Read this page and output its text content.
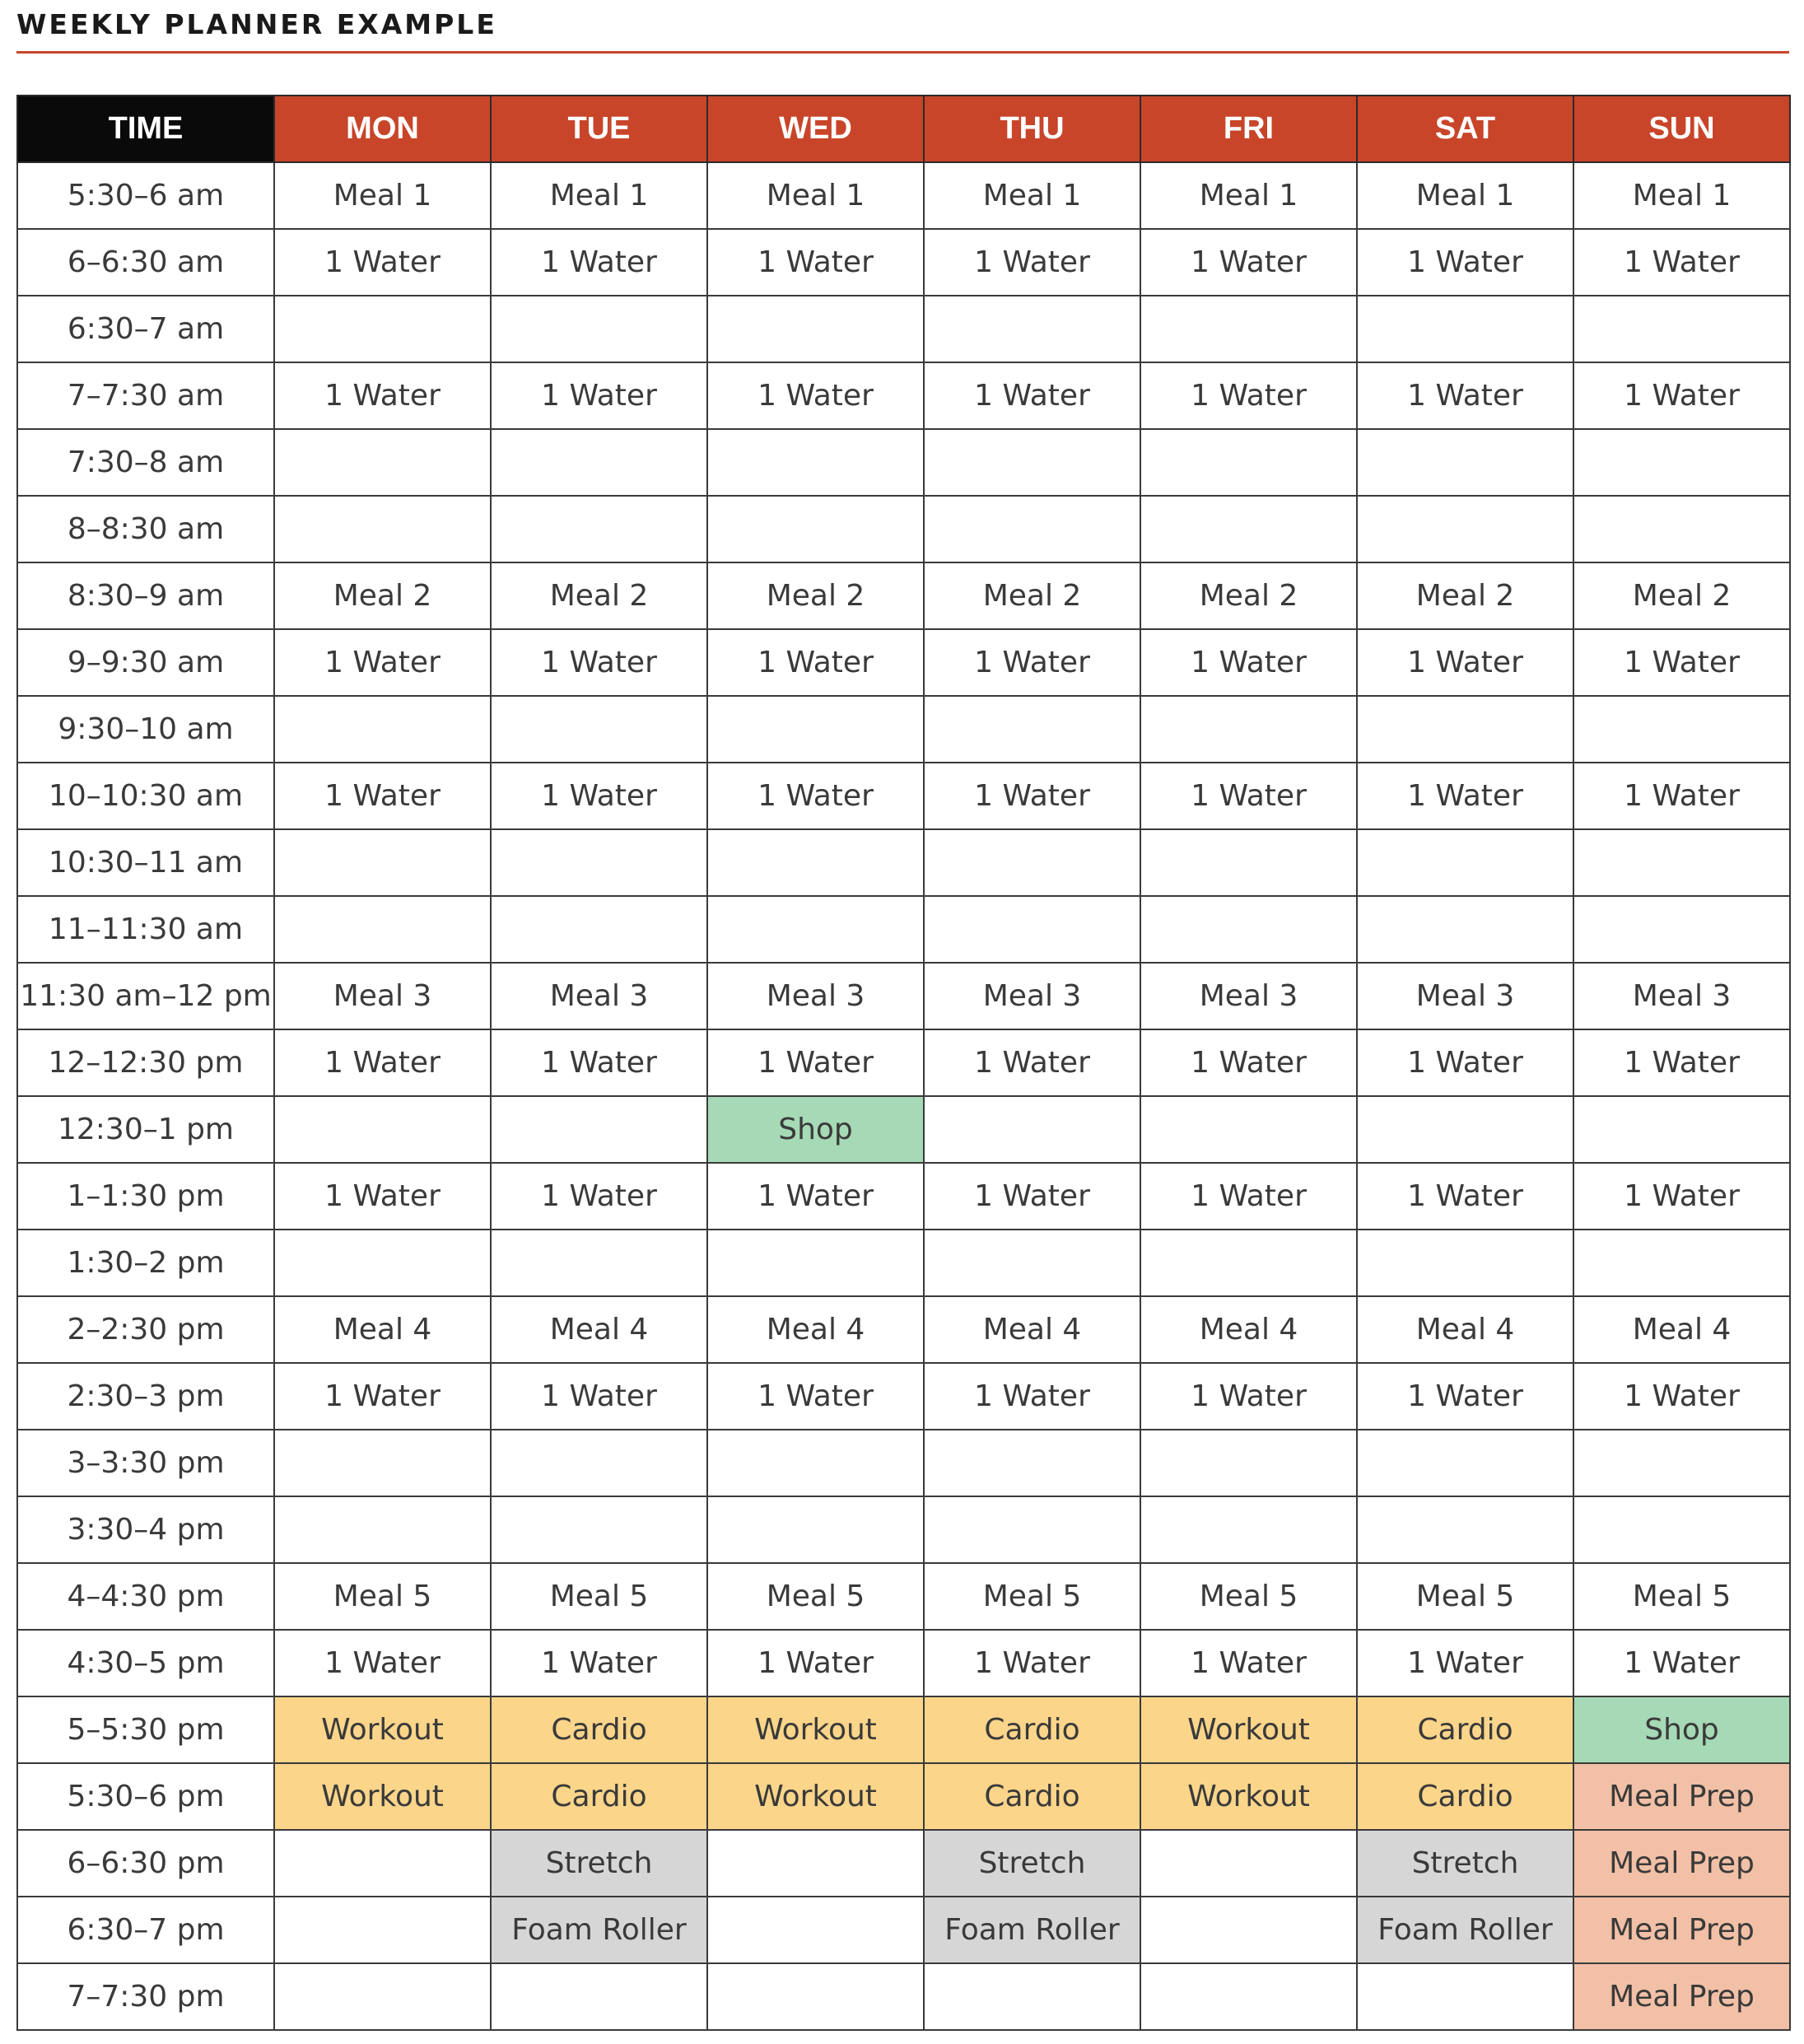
WEEKLY PLANNER EXAMPLE
TIME	MON	TUE	WED	THU	FRI	SAT	SUN
5:30–6 am	Meal 1	Meal 1	Meal 1	Meal 1	Meal 1	Meal 1	Meal 1
6–6:30 am	1 Water	1 Water	1 Water	1 Water	1 Water	1 Water	1 Water
6:30–7 am							
7–7:30 am	1 Water	1 Water	1 Water	1 Water	1 Water	1 Water	1 Water
7:30–8 am							
8–8:30 am							
8:30–9 am	Meal 2	Meal 2	Meal 2	Meal 2	Meal 2	Meal 2	Meal 2
9–9:30 am	1 Water	1 Water	1 Water	1 Water	1 Water	1 Water	1 Water
9:30–10 am							
10–10:30 am	1 Water	1 Water	1 Water	1 Water	1 Water	1 Water	1 Water
10:30–11 am							
11–11:30 am							
11:30 am–12 pm	Meal 3	Meal 3	Meal 3	Meal 3	Meal 3	Meal 3	Meal 3
12–12:30 pm	1 Water	1 Water	1 Water	1 Water	1 Water	1 Water	1 Water
12:30–1 pm			Shop				
1–1:30 pm	1 Water	1 Water	1 Water	1 Water	1 Water	1 Water	1 Water
1:30–2 pm							
2–2:30 pm	Meal 4	Meal 4	Meal 4	Meal 4	Meal 4	Meal 4	Meal 4
2:30–3 pm	1 Water	1 Water	1 Water	1 Water	1 Water	1 Water	1 Water
3–3:30 pm							
3:30–4 pm							
4–4:30 pm	Meal 5	Meal 5	Meal 5	Meal 5	Meal 5	Meal 5	Meal 5
4:30–5 pm	1 Water	1 Water	1 Water	1 Water	1 Water	1 Water	1 Water
5–5:30 pm	Workout	Cardio	Workout	Cardio	Workout	Cardio	Shop
5:30–6 pm	Workout	Cardio	Workout	Cardio	Workout	Cardio	Meal Prep
6–6:30 pm		Stretch		Stretch		Stretch	Meal Prep
6:30–7 pm		Foam Roller		Foam Roller		Foam Roller	Meal Prep
7–7:30 pm							Meal Prep
